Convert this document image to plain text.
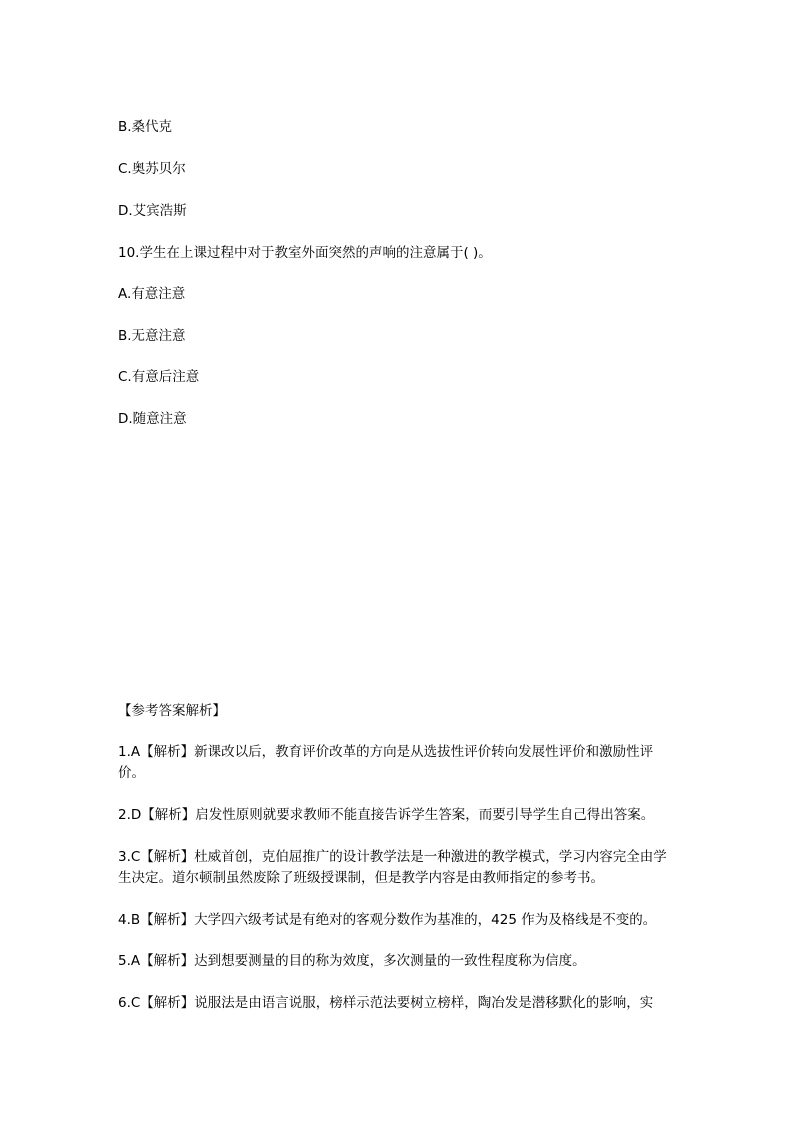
B.桑代克
C.奥苏贝尔
D.艾宾浩斯
10.学生在上课过程中对于教室外面突然的声响的注意属于( )。
A.有意注意
B.无意注意
C.有意后注意
D.随意注意
【参考答案解析】
1.A【解析】新课改以后，教育评价改革的方向是从选拔性评价转向发展性评价和激励性评价。
2.D【解析】启发性原则就要求教师不能直接告诉学生答案，而要引导学生自己得出答案。
3.C【解析】杜威首创，克伯屈推广的设计教学法是一种激进的教学模式，学习内容完全由学生决定。道尔顿制虽然废除了班级授课制，但是教学内容是由教师指定的参考书。
4.B【解析】大学四六级考试是有绝对的客观分数作为基准的，425 作为及格线是不变的。
5.A【解析】达到想要测量的目的称为效度，多次测量的一致性程度称为信度。
6.C【解析】说服法是由语言说服，榜样示范法要树立榜样，陶冶发是潜移默化的影响，实
